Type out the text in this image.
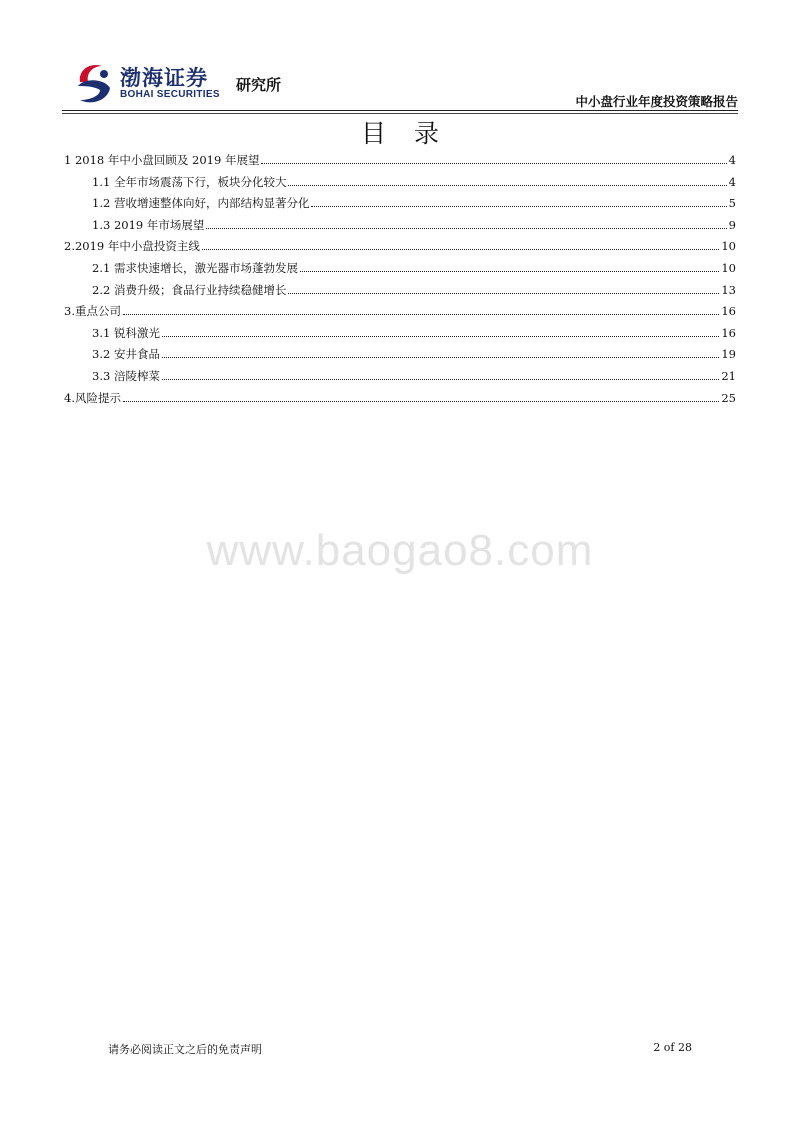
渤海证券
BOHAI SECURITIES
研究所
中小盘行业年度投资策略报告
目录
1 2018 年中小盘回顾及 2019 年展望	4
1.1 全年市场震荡下行，板块分化较大	4
1.2 营收增速整体向好，内部结构显著分化	5
1.3 2019 年市场展望	9
2.2019 年中小盘投资主线	10
2.1 需求快速增长，激光器市场蓬勃发展	10
2.2 消费升级；食品行业持续稳健增长	13
3.重点公司	16
3.1 锐科激光	16
3.2 安井食品	19
3.3 涪陵榨菜	21
4.风险提示	25
www.baogao8.com
请务必阅读正文之后的免责声明	2 of 28
